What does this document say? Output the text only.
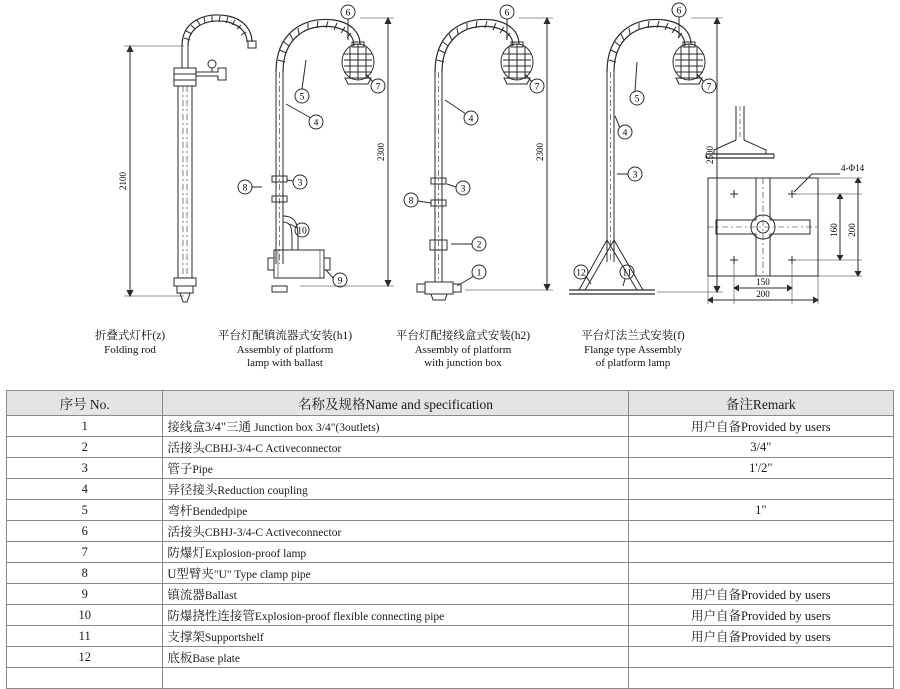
2100
2300
6
7
5
4
3
10
9
8
2300
6
7
4
3
8
2
1
2500
6
7
5
4
3
12	11
4-Φ14
150
200
160 200
折叠式灯杆(z)
Folding rod
平台灯配镇流器式安装(h1)
Assembly of platform
lamp with ballast
平台灯配接线盒式安装(h2)
Assembly of platform
with junction box
平台灯法兰式安装(f)
Flange type Assembly
of platform lamp
序号 No.	名称及规格Name and specification	备注Remark
1	接线盒3/4"三通 Junction box 3/4"(3outlets)	用户自备Provided by users
2	活接头CBHJ-3/4-C Activeconnector	3/4"
3	管子Pipe	1'/2"
4	异径接头Reduction coupling	
5	弯杆Bendedpipe	1"
6	活接头CBHJ-3/4-C Activeconnector	
7	防爆灯Explosion-proof lamp	
8	U型臂夹"U" Type clamp pipe	
9	镇流器Ballast	用户自备Provided by users
10	防爆挠性连接管Explosion-proof flexible connecting pipe	用户自备Provided by users
11	支撑架Supportshelf	用户自备Provided by users
12	底板Base plate	
